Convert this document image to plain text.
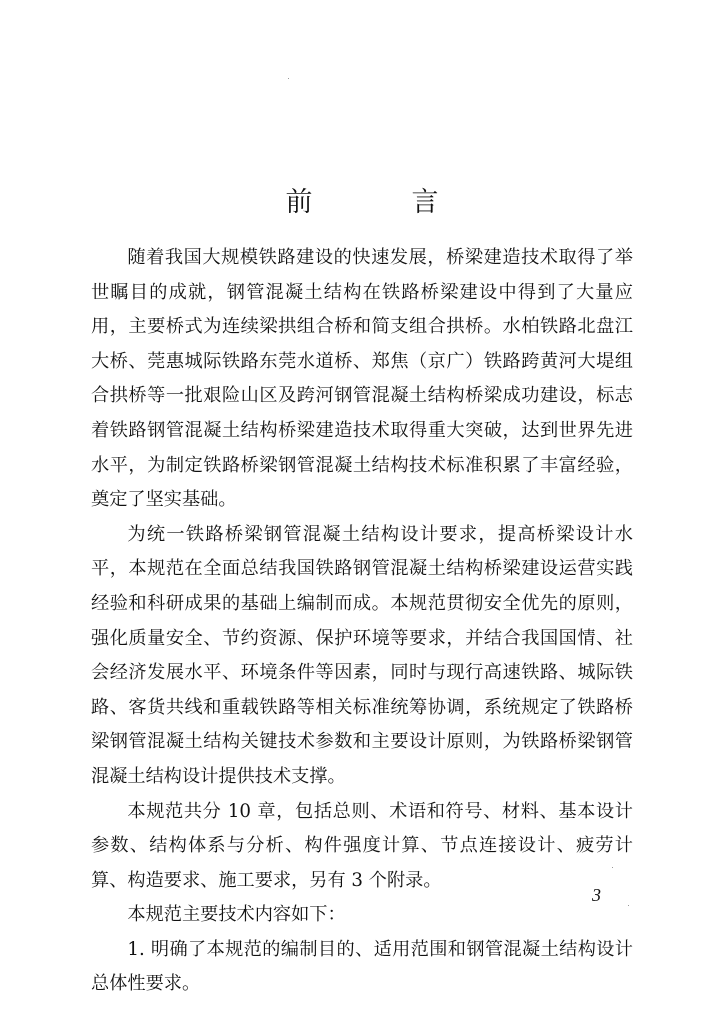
前　言

随着我国大规模铁路建设的快速发展，桥梁建造技术取得了举世瞩目的成就，钢管混凝土结构在铁路桥梁建设中得到了大量应用，主要桥式为连续梁拱组合桥和简支组合拱桥。水柏铁路北盘江大桥、莞惠城际铁路东莞水道桥、郑焦（京广）铁路跨黄河大堤组合拱桥等一批艰险山区及跨河钢管混凝土结构桥梁成功建设，标志着铁路钢管混凝土结构桥梁建造技术取得重大突破，达到世界先进水平，为制定铁路桥梁钢管混凝土结构技术标准积累了丰富经验，奠定了坚实基础。

为统一铁路桥梁钢管混凝土结构设计要求，提高桥梁设计水平，本规范在全面总结我国铁路钢管混凝土结构桥梁建设运营实践经验和科研成果的基础上编制而成。本规范贯彻安全优先的原则，强化质量安全、节约资源、保护环境等要求，并结合我国国情、社会经济发展水平、环境条件等因素，同时与现行高速铁路、城际铁路、客货共线和重载铁路等相关标准统筹协调，系统规定了铁路桥梁钢管混凝土结构关键技术参数和主要设计原则，为铁路桥梁钢管混凝土结构设计提供技术支撑。

本规范共分 10 章，包括总则、术语和符号、材料、基本设计参数、结构体系与分析、构件强度计算、节点连接设计、疲劳计算、构造要求、施工要求，另有 3 个附录。

本规范主要技术内容如下：

1. 明确了本规范的编制目的、适用范围和钢管混凝土结构设计总体性要求。

3
